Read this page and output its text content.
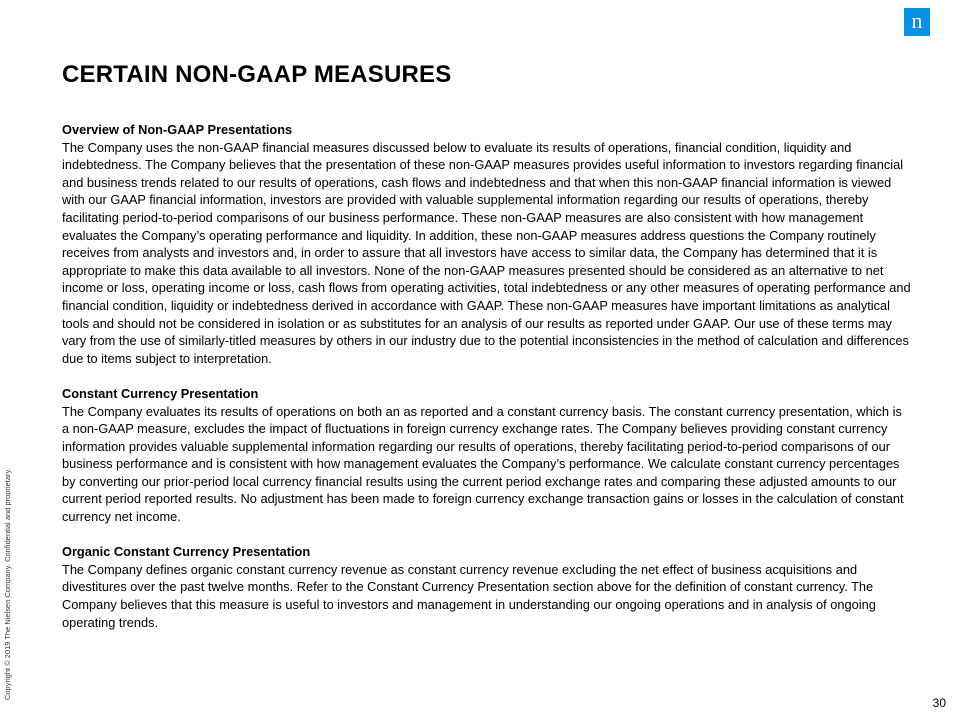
Copyright © 2019 The Nielsen Company. Confidential and proprietary.
n
CERTAIN NON-GAAP MEASURES
Overview of Non-GAAP Presentations

The Company uses the non-GAAP financial measures discussed below to evaluate its results of operations, financial condition, liquidity and indebtedness. The Company believes that the presentation of these non-GAAP measures provides useful information to investors regarding financial and business trends related to our results of operations, cash flows and indebtedness and that when this non-GAAP financial information is viewed with our GAAP financial information, investors are provided with valuable supplemental information regarding our results of operations, thereby facilitating period-to-period comparisons of our business performance. These non-GAAP measures are also consistent with how management evaluates the Company’s operating performance and liquidity. In addition, these non-GAAP measures address questions the Company routinely receives from analysts and investors and, in order to assure that all investors have access to similar data, the Company has determined that it is appropriate to make this data available to all investors. None of the non-GAAP measures presented should be considered as an alternative to net income or loss, operating income or loss, cash flows from operating activities, total indebtedness or any other measures of operating performance and financial condition, liquidity or indebtedness derived in accordance with GAAP. These non-GAAP measures have important limitations as analytical tools and should not be considered in isolation or as substitutes for an analysis of our results as reported under GAAP. Our use of these terms may vary from the use of similarly-titled measures by others in our industry due to the potential inconsistencies in the method of calculation and differences due to items subject to interpretation.

Constant Currency Presentation

The Company evaluates its results of operations on both an as reported and a constant currency basis. The constant currency presentation, which is a non-GAAP measure, excludes the impact of fluctuations in foreign currency exchange rates. The Company believes providing constant currency information provides valuable supplemental information regarding our results of operations, thereby facilitating period-to-period comparisons of our business performance and is consistent with how management evaluates the Company’s performance. We calculate constant currency percentages by converting our prior-period local currency financial results using the current period exchange rates and comparing these adjusted amounts to our current period reported results. No adjustment has been made to foreign currency exchange transaction gains or losses in the calculation of constant currency net income.

Organic Constant Currency Presentation

The Company defines organic constant currency revenue as constant currency revenue excluding the net effect of business acquisitions and divestitures over the past twelve months. Refer to the Constant Currency Presentation section above for the definition of constant currency. The Company believes that this measure is useful to investors and management in understanding our ongoing operations and in analysis of ongoing operating trends.

30
